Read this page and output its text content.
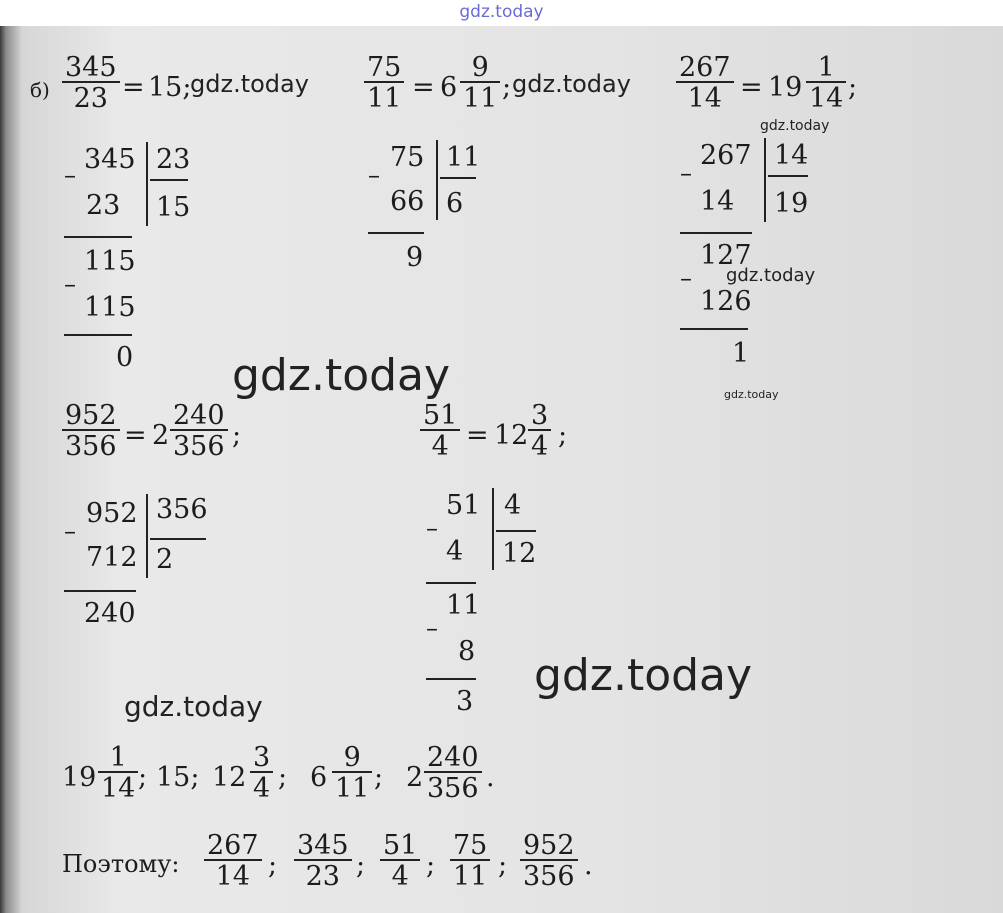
gdz.today
$б) \frac{345}{23} = 15$;
gdz.today
– 345
23
23
15
115
–
115
0
$\frac{75}{11} = 6 \frac{9}{11}$ ; gdz.today
–
75
66
11
6
9
$\frac{267}{14} = 19 \frac{1}{14}$ ;
gdz.today
–
267
14
14
19
127
– gdz.today
126
1
gdz.today	gdz.today
$\frac{952}{356} = 2 \frac{240}{356}$ ;	$\frac{51}{4} = 12 \frac{3}{4}$ ;
–
952
712
356
2
240
–
51
4
4
12
11
–
8
3
gdz.today
gdz.today
$19 \frac{1}{14}$ ; 15; $12 \frac{3}{4}$ ; $6 \frac{9}{11}$ ; $2 \frac{240}{356}$ .
Поэтому: $\frac{267}{14}$ ; $\frac{345}{23}$ ; $\frac{51}{4}$ ; $\frac{75}{11}$ ; $\frac{952}{356}$ .
